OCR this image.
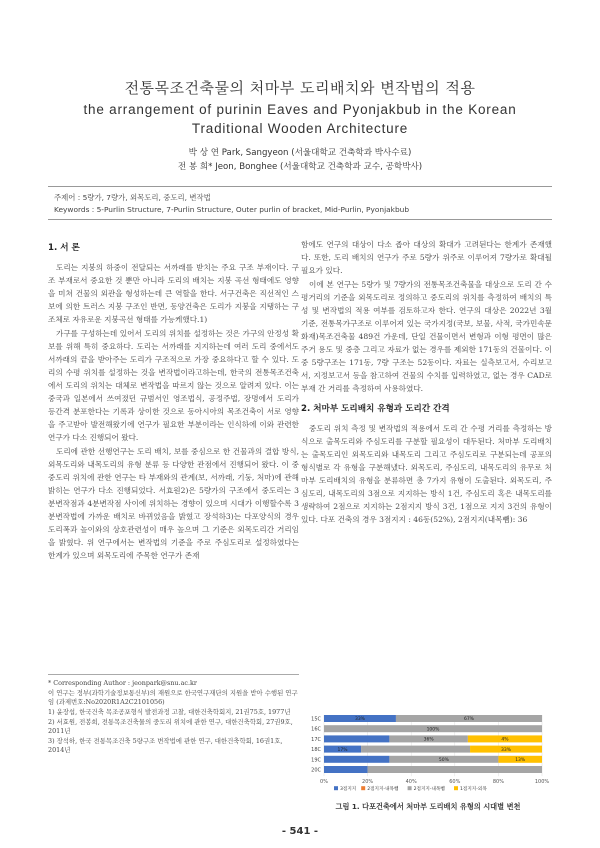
전통목조건축물의 처마부 도리배치와 변작법의 적용
the arrangement of purinin Eaves and Pyonjakbub in the Korean Traditional Wooden Architecture
박 상 연 Park, Sangyeon (서울대학교 건축학과 박사수료)
전 봉 희* Jeon, Bonghee (서울대학교 건축학과 교수, 공학박사)
주제어 : 5량가, 7량가, 외목도리, 중도리, 변작법
Keywords : 5-Purlin Structure, 7-Purlin Structure, Outer purlin of bracket, Mid-Purlin, Pyonjakbub
1. 서 론

도리는 지붕의 하중이 전달되는 서까래를 받치는 주요 구조 부재이다. 구조 부재로서 중요한 것 뿐만 아니라 도리의 배치는 지붕 곡선 형태에도 영향을 미쳐 건물의 외관을 형성하는데 큰 역할을 한다. 서구건축은 직선적인 스보에 의한 트러스 지붕 구조인 반면, 동양건축은 도리가 지붕을 지탱하는 구조체로 자유로운 지붕곡선 형태를 가능케했다.1)

가구를 구성하는데 있어서 도리의 위치를 설정하는 것은 가구의 안정성 확보를 위해 특히 중요하다. 도리는 서까래를 지지하는데 여러 도리 중에서도 서까래의 끝을 받아주는 도리가 구조적으로 가장 중요하다고 할 수 있다. 도리의 수평 위치를 설정하는 것을 변작법이라고하는데, 한국의 전통목조건축에서 도리의 위치는 대체로 변작법을 따르지 않는 것으로 알려져 있다. 이는 중국과 일본에서 쓰여졌던 규범서인 영조법식, 공정주법, 장명에서 도리가 등간격 분포한다는 기록과 상이한 것으로 동아시아의 목조건축이 서로 영향을 주고받아 발전해왔기에 연구가 필요한 부분이라는 인식하에 이와 관련한 연구가 다소 진행되어 왔다.

도리에 관한 선행연구는 도리 배치, 보를 중심으로 한 건물과의 결합 방식, 외목도리와 내목도리의 유형 분류 등 다양한 관점에서 진행되어 왔다. 이 중 중도리 위치에 관한 연구는 타 부재와의 관계(보, 서까래, 기둥, 처마)에 관해 밝히는 연구가 다소 진행되었다. 서효원2)은 5량가의 구조에서 중도리는 3분변작점과 4분변작점 사이에 위치하는 경향이 있으며 시대가 이행할수록 3분변작법에 가까운 배치로 바뀌었음을 밝혔고 장석하3)는 다포양식의 경우 도리폭과 높이와의 상호관련성이 매우 높으며 그 기준은 외목도리간 거리임을 밝혔다. 위 연구에서는 변작법의 기준을 주로 주심도리로 설정하였다는 한계가 있으며 외목도리에 주목한 연구가 존재

* Corresponding Author : jeonpark@snu.ac.kr
이 연구는 정부(과학기술정보통신부)의 재원으로 한국연구재단의 지원을 받아 수행된 연구임 (과제번호:No2020R1A2C2101056)
1) 윤장섭, 한국건축 목조공포형식 발전과정 고찰, 대한건축학회지, 21권75호, 1977년
2) 서효원, 전봉희, 전통목조건축물의 중도리 위치에 관한 연구, 대한건축학회, 27권9호, 2011년
3) 장석하, 한국 전통목조건축 5량구조 변작법에 관한 연구, 대한건축학회, 16권1호, 2014년

함에도 연구의 대상이 다소 좁아 대상의 확대가 고려된다는 한계가 존재했다. 또한, 도리 배치의 연구가 주로 5량가 위주로 이루어져 7량가로 확대될 필요가 있다.

이에 본 연구는 5량가 및 7량가의 전통목조건축물을 대상으로 도리 간 수평거리의 기준을 외목도리로 정의하고 중도리의 위치를 측정하여 배치의 특성 및 변작법의 적용 여부를 검토하고자 한다. 연구의 대상은 2022년 3월 기준, 전통목가구조로 이루어져 있는 국가지정(국보, 보물, 사적, 국가민속문화재)목조건축물 489건 가운데, 단일 건물이면서 변형과 이형 평면이 많은 주거 용도 및 중층 그리고 자료가 없는 경우를 제외한 171동의 건물이다. 이 중 5량구조는 171동, 7량 구조는 52동이다. 자료는 실측보고서, 수리보고서, 지정보고서 등을 참고하여 건물의 수치를 입력하였고, 없는 경우 CAD로 부재 간 거리를 측정하여 사용하였다.

2. 처마부 도리배치 유형과 도리간 간격

중도리 위치 측정 및 변작법의 적용에서 도리 간 수평 거리를 측정하는 방식으로 출목도리와 주심도리를 구분할 필요성이 대두된다. 처마부 도리배치는 출목도리인 외목도리와 내목도리 그리고 주심도리로 구분되는데 공포의 형식별로 각 유형을 구분해냈다. 외목도리, 주심도리, 내목도리의 유무로 처마부 도리배치의 유형을 분류하면 총 7가지 유형이 도출된다. 외목도리, 주심도리, 내목도리의 3점으로 지지하는 방식 1건, 주심도리 혹은 내목도리를 생략하여 2점으로 지지하는 2점지지 방식 3건, 1점으로 지지 3건의 유형이 있다. 다포 건축의 경우 3점지지 : 46동(52%), 2점지지(내목뺌): 36

33%	67%
100%
36%	4%
17%	33%
50%	13%
15C
16C
17C
18C
19C
20C
0%	20%	40%	60%	80%	100%
3점지지 2점지지-내목뺌	2점지지-내목뺌	1점지지-외목
그림 1. 다포건축에서 처마부 도리배치 유형의 시대별 변천
- 541 -
